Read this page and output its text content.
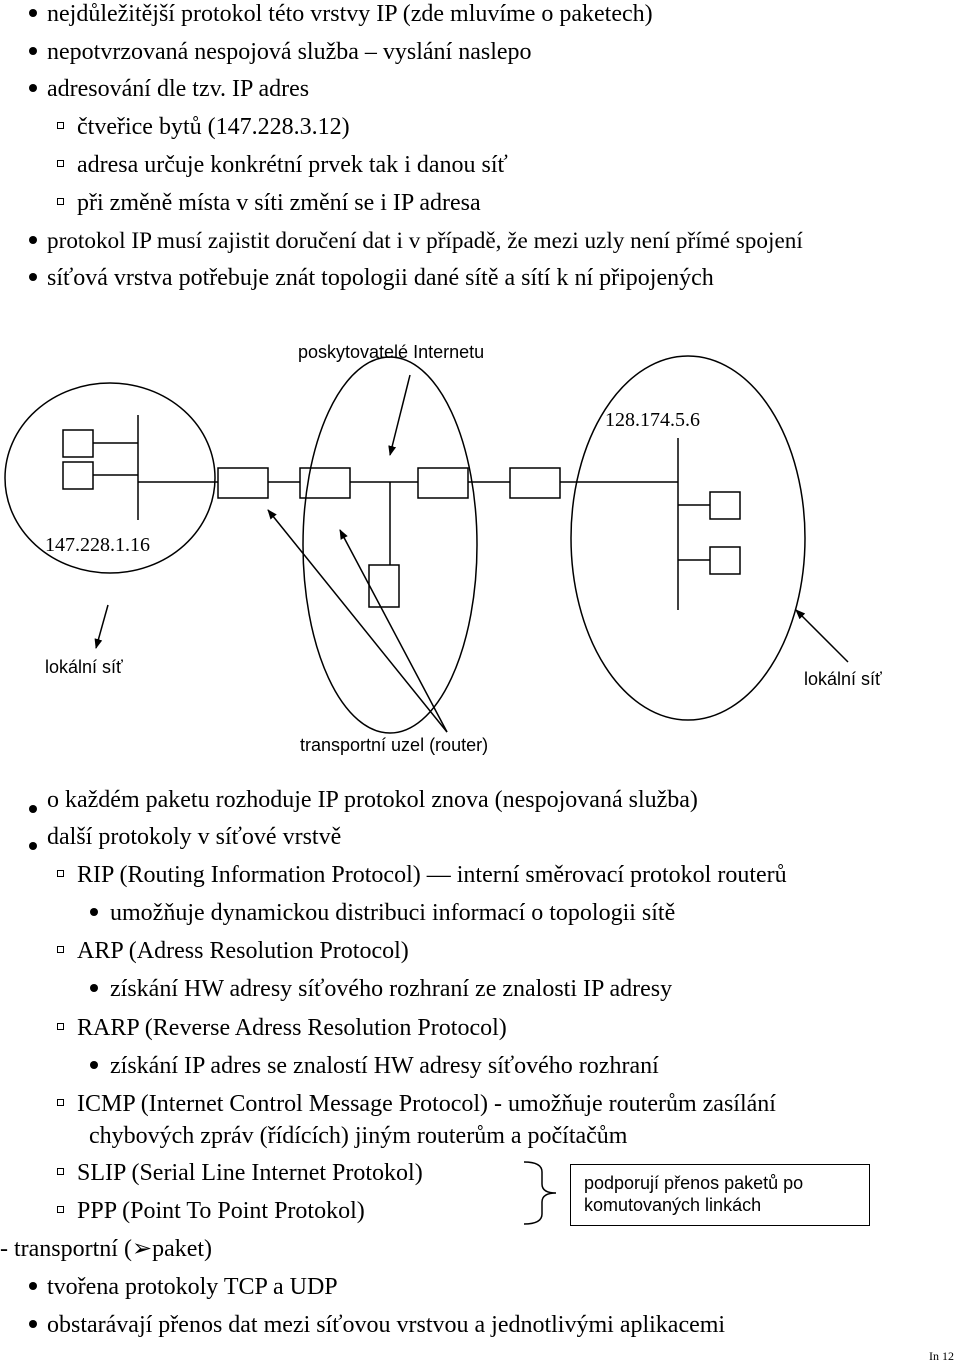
nejdůležitější protokol této vrstvy IP (zde mluvíme o paketech)
nepotvrzovaná nespojová služba – vyslání naslepo
adresování dle tzv. IP adres
čtveřice bytů (147.228.3.12)
adresa určuje konkrétní prvek tak i danou síť
při změně místa v síti změní se i IP adresa
protokol IP musí zajistit doručení dat i v případě, že mezi uzly není přímé spojení
síťová vrstva potřebuje znát topologii dané sítě a sítí k ní připojených
poskytovatelé Internetu
128.174.5.6
147.228.1.16
lokální síť
lokální síť
transportní uzel (router)
o každém paketu rozhoduje IP protokol znova (nespojovaná služba)
další protokoly v síťové vrstvě
RIP (Routing Information Protocol) — interní směrovací protokol routerů
umožňuje dynamickou distribuci informací o topologii sítě
ARP (Adress Resolution Protocol)
získání HW adresy síťového rozhraní ze znalosti IP adresy
RARP (Reverse Adress Resolution Protocol)
získání IP adres se znalostí HW adresy síťového rozhraní
ICMP (Internet Control Message Protocol) - umožňuje routerům zasílání
chybových zpráv (řídících) jiným routerům a počítačům
SLIP (Serial Line Internet Protokol)
PPP (Point To Point Protokol)
podporují přenos paketů po
komutovaných linkách
- transportní (➢paket)
tvořena protokoly TCP a UDP
obstarávají přenos dat mezi síťovou vrstvou a jednotlivými aplikacemi
In 12
